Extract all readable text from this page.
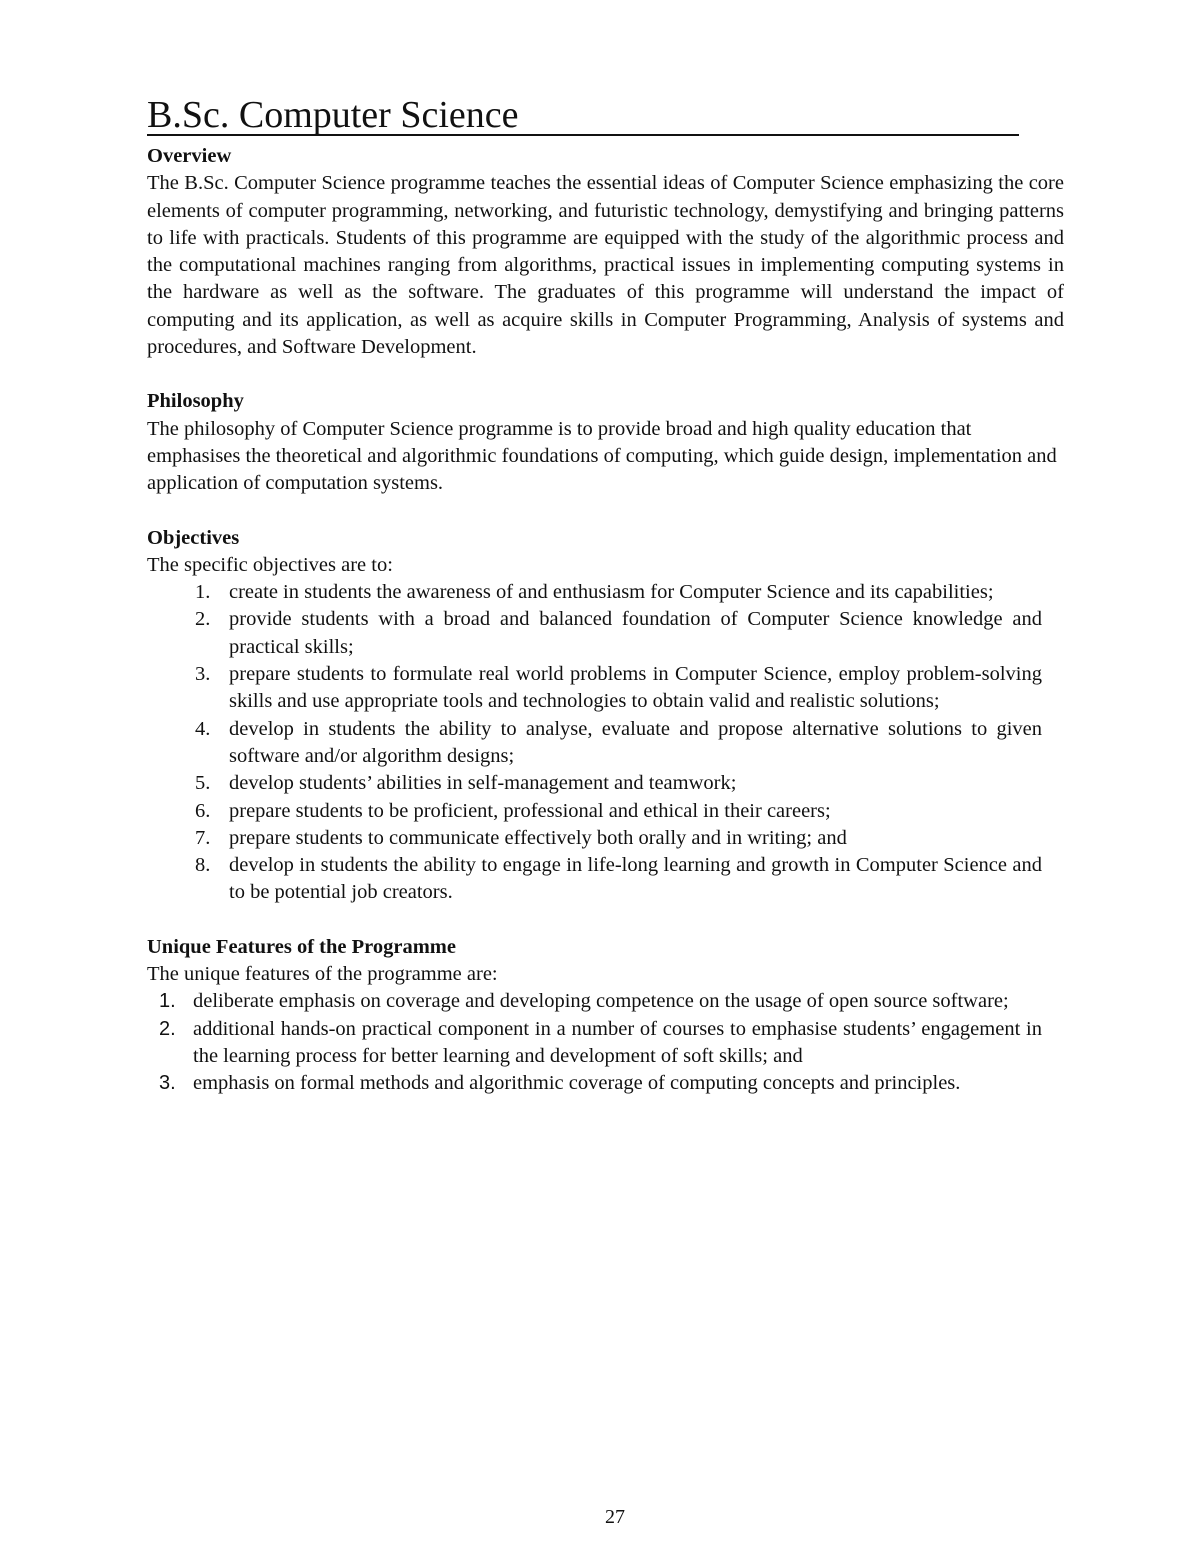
B.Sc. Computer Science
Overview

The B.Sc. Computer Science programme teaches the essential ideas of Computer Science emphasizing the core elements of computer programming, networking, and futuristic technology, demystifying and bringing patterns to life with practicals. Students of this programme are equipped with the study of the algorithmic process and the computational machines ranging from algorithms, practical issues in implementing computing systems in the hardware as well as the software. The graduates of this programme will understand the impact of computing and its application, as well as acquire skills in Computer Programming, Analysis of systems and procedures, and Software Development.

Philosophy

The philosophy of Computer Science programme is to provide broad and high quality education that emphasises the theoretical and algorithmic foundations of computing, which guide design, implementation and application of computation systems.

Objectives

The specific objectives are to:

1. create in students the awareness of and enthusiasm for Computer Science and its capabilities;
2. provide students with a broad and balanced foundation of Computer Science knowledge and practical skills;
3. prepare students to formulate real world problems in Computer Science, employ problem-solving skills and use appropriate tools and technologies to obtain valid and realistic solutions;
4. develop in students the ability to analyse, evaluate and propose alternative solutions to given software and/or algorithm designs;
5. develop students’ abilities in self-management and teamwork;
6. prepare students to be proficient, professional and ethical in their careers;
7. prepare students to communicate effectively both orally and in writing; and
8. develop in students the ability to engage in life-long learning and growth in Computer Science and to be potential job creators.
Unique Features of the Programme

The unique features of the programme are:

1. deliberate emphasis on coverage and developing competence on the usage of open source software;
2. additional hands-on practical component in a number of courses to emphasise students’ engagement in the learning process for better learning and development of soft skills; and
3. emphasis on formal methods and algorithmic coverage of computing concepts and principles.
27
